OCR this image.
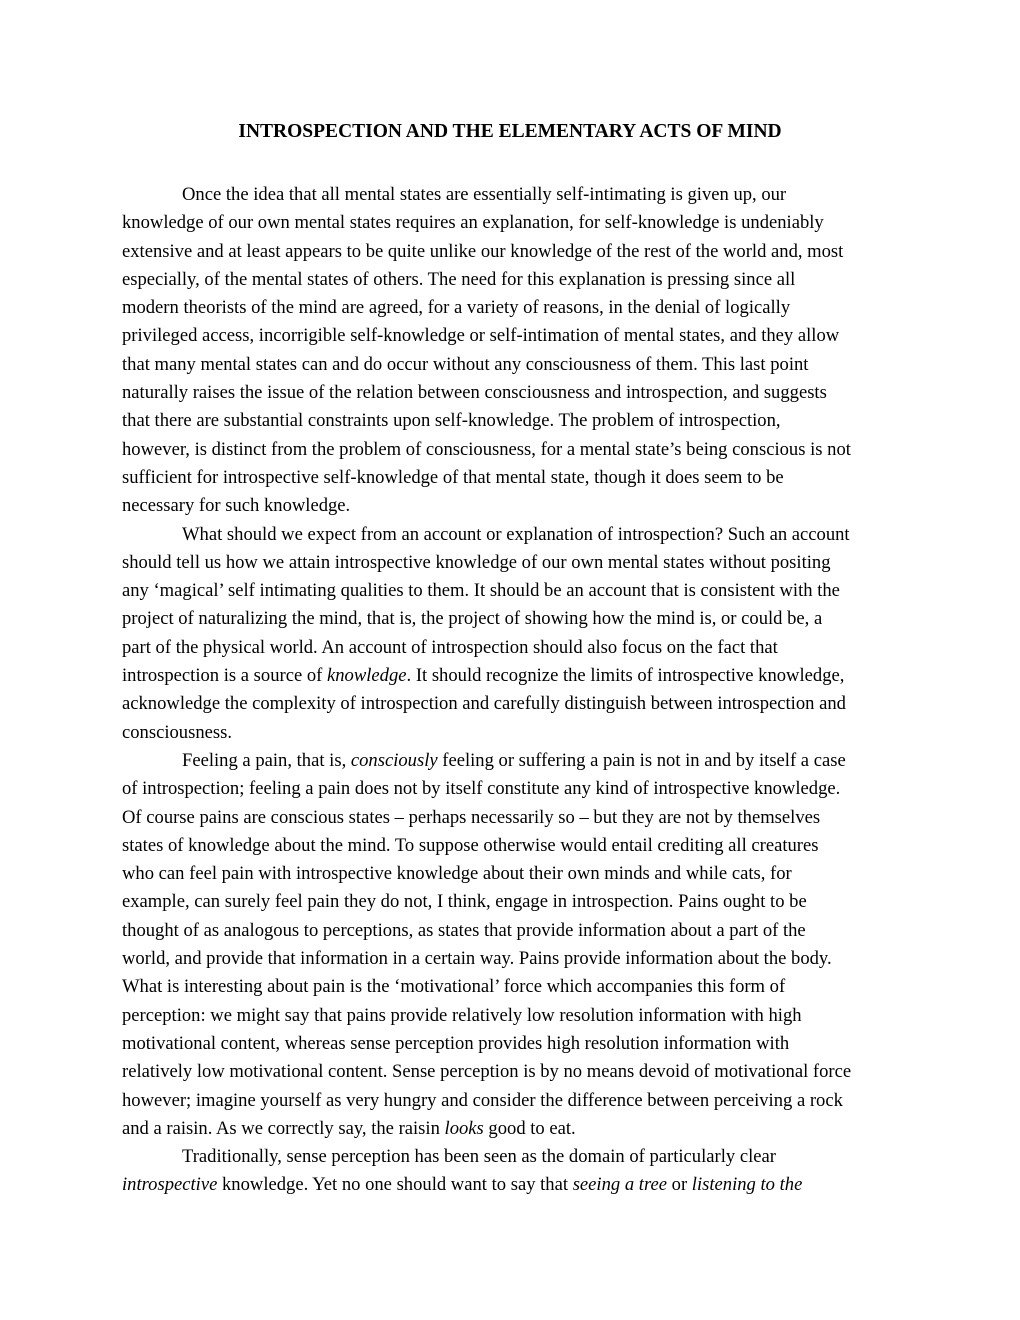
INTROSPECTION AND THE ELEMENTARY ACTS OF MIND
Once the idea that all mental states are essentially self-intimating is given up, our
knowledge of our own mental states requires an explanation, for self-knowledge is undeniably
extensive and at least appears to be quite unlike our knowledge of the rest of the world and, most
especially, of the mental states of others. The need for this explanation is pressing since all
modern theorists of the mind are agreed, for a variety of reasons, in the denial of logically
privileged access, incorrigible self-knowledge or self-intimation of mental states, and they allow
that many mental states can and do occur without any consciousness of them. This last point
naturally raises the issue of the relation between consciousness and introspection, and suggests
that there are substantial constraints upon self-knowledge. The problem of introspection,
however, is distinct from the problem of consciousness, for a mental state’s being conscious is not
sufficient for introspective self-knowledge of that mental state, though it does seem to be
necessary for such knowledge.
What should we expect from an account or explanation of introspection? Such an account
should tell us how we attain introspective knowledge of our own mental states without positing
any ‘magical’ self intimating qualities to them. It should be an account that is consistent with the
project of naturalizing the mind, that is, the project of showing how the mind is, or could be, a
part of the physical world. An account of introspection should also focus on the fact that
introspection is a source of knowledge. It should recognize the limits of introspective knowledge,
acknowledge the complexity of introspection and carefully distinguish between introspection and
consciousness.
Feeling a pain, that is, consciously feeling or suffering a pain is not in and by itself a case
of introspection; feeling a pain does not by itself constitute any kind of introspective knowledge.
Of course pains are conscious states – perhaps necessarily so – but they are not by themselves
states of knowledge about the mind. To suppose otherwise would entail crediting all creatures
who can feel pain with introspective knowledge about their own minds and while cats, for
example, can surely feel pain they do not, I think, engage in introspection. Pains ought to be
thought of as analogous to perceptions, as states that provide information about a part of the
world, and provide that information in a certain way. Pains provide information about the body.
What is interesting about pain is the ‘motivational’ force which accompanies this form of
perception: we might say that pains provide relatively low resolution information with high
motivational content, whereas sense perception provides high resolution information with
relatively low motivational content. Sense perception is by no means devoid of motivational force
however; imagine yourself as very hungry and consider the difference between perceiving a rock
and a raisin. As we correctly say, the raisin looks good to eat.
Traditionally, sense perception has been seen as the domain of particularly clear
introspective knowledge. Yet no one should want to say that seeing a tree or listening to the
